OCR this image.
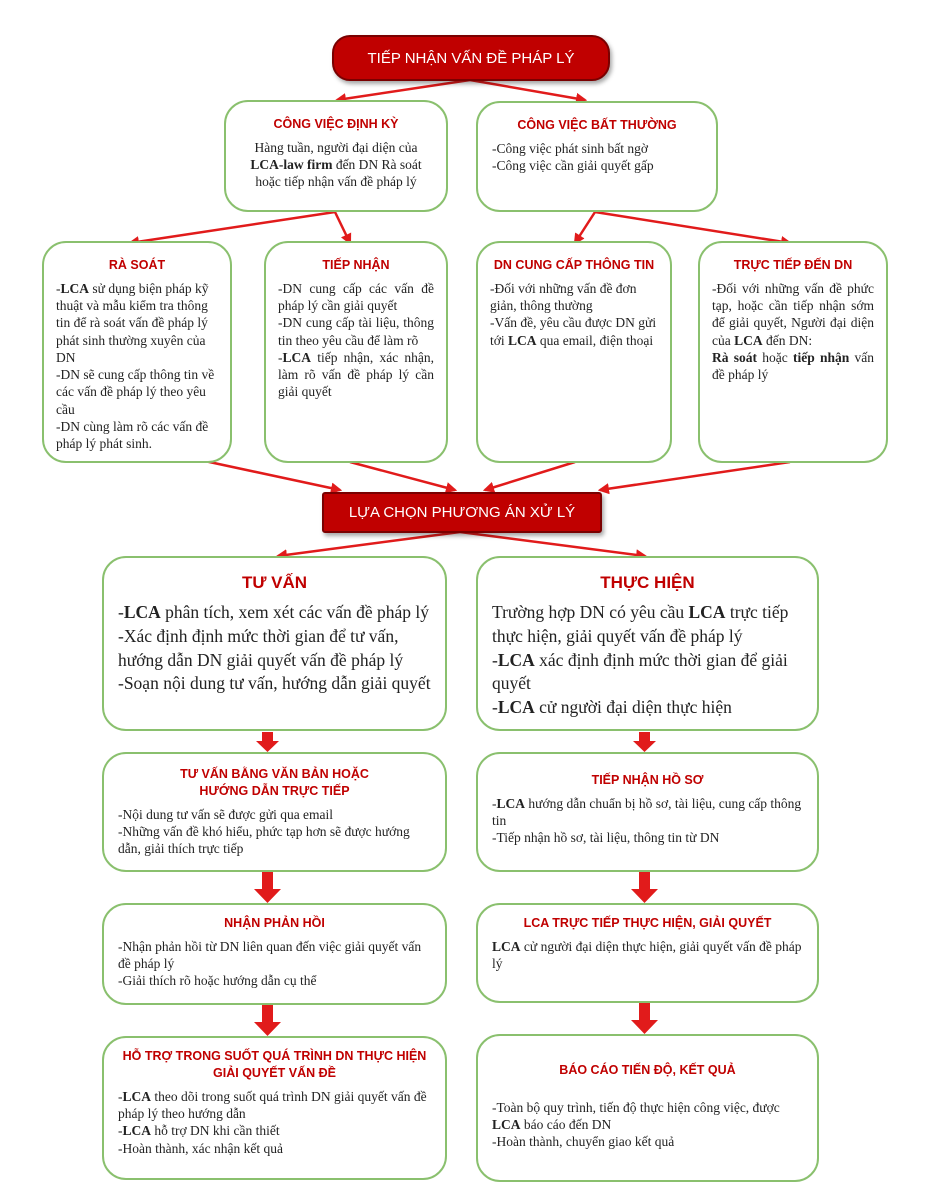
TIẾP NHẬN VẤN ĐỀ PHÁP LÝ
CÔNG VIỆC ĐỊNH KỲ
Hàng tuần, người đại diện của
LCA-law firm đến DN Rà soát
hoặc tiếp nhận vấn đề pháp lý
CÔNG VIỆC BẤT THƯỜNG
-Công việc phát sinh bất ngờ
-Công việc cần giải quyết gấp
RÀ SOÁT
-LCA sử dụng biện pháp kỹ thuật và mẫu kiểm tra thông tin để rà soát vấn đề pháp lý phát sinh thường xuyên của DN
-DN sẽ cung cấp thông tin về các vấn đề pháp lý theo yêu cầu
-DN cùng làm rõ các vấn đề pháp lý phát sinh.
TIẾP NHẬN
-DN cung cấp các vấn đề pháp lý cần giải quyết
-DN cung cấp tài liệu, thông tin theo yêu cầu để làm rõ
-LCA tiếp nhận, xác nhận, làm rõ vấn đề pháp lý cần giải quyết
DN CUNG CẤP THÔNG TIN
-Đối với những vấn đề đơn giản, thông thường
-Vấn đề, yêu cầu được DN gửi tới LCA qua email, điện thoại
TRỰC TIẾP ĐẾN DN
-Đối với những vấn đề phức tạp, hoặc cần tiếp nhận sớm để giải quyết, Người đại diện của LCA đến DN:
Rà soát hoặc tiếp nhận vấn đề pháp lý
LỰA CHỌN PHƯƠNG ÁN XỬ LÝ
TƯ VẤN
-LCA phân tích, xem xét các vấn đề pháp lý
-Xác định định mức thời gian để tư vấn, hướng dẫn DN giải quyết vấn đề pháp lý
-Soạn nội dung tư vấn, hướng dẫn giải quyết
THỰC HIỆN
Trường hợp DN có yêu cầu LCA trực tiếp thực hiện, giải quyết vấn đề pháp lý
-LCA xác định định mức thời gian để giải quyết
-LCA cử người đại diện thực hiện
TƯ VẤN BẰNG VĂN BẢN HOẶC
HƯỚNG DẪN TRỰC TIẾP
-Nội dung tư vấn sẽ được gửi qua email
-Những vấn đề khó hiểu, phức tạp hơn sẽ được hướng dẫn, giải thích trực tiếp
TIẾP NHẬN HỒ SƠ
-LCA hướng dẫn chuẩn bị hồ sơ, tài liệu, cung cấp thông tin
-Tiếp nhận hồ sơ, tài liệu, thông tin từ DN
NHẬN PHẢN HỒI
-Nhận phản hồi từ DN liên quan đến việc giải quyết vấn đề pháp lý
-Giải thích rõ hoặc hướng dẫn cụ thể
LCA TRỰC TIẾP THỰC HIỆN, GIẢI QUYẾT
LCA cử người đại diện thực hiện, giải quyết vấn đề pháp lý
HỖ TRỢ TRONG SUỐT QUÁ TRÌNH DN THỰC HIỆN
GIẢI QUYẾT VẤN ĐỀ
-LCA theo dõi trong suốt quá trình DN giải quyết vấn đề pháp lý theo hướng dẫn
-LCA hỗ trợ DN khi cần thiết
-Hoàn thành, xác nhận kết quả
BÁO CÁO TIẾN ĐỘ, KẾT QUẢ
-Toàn bộ quy trình, tiến độ thực hiện công việc, được LCA báo cáo đến DN
-Hoàn thành, chuyển giao kết quả
